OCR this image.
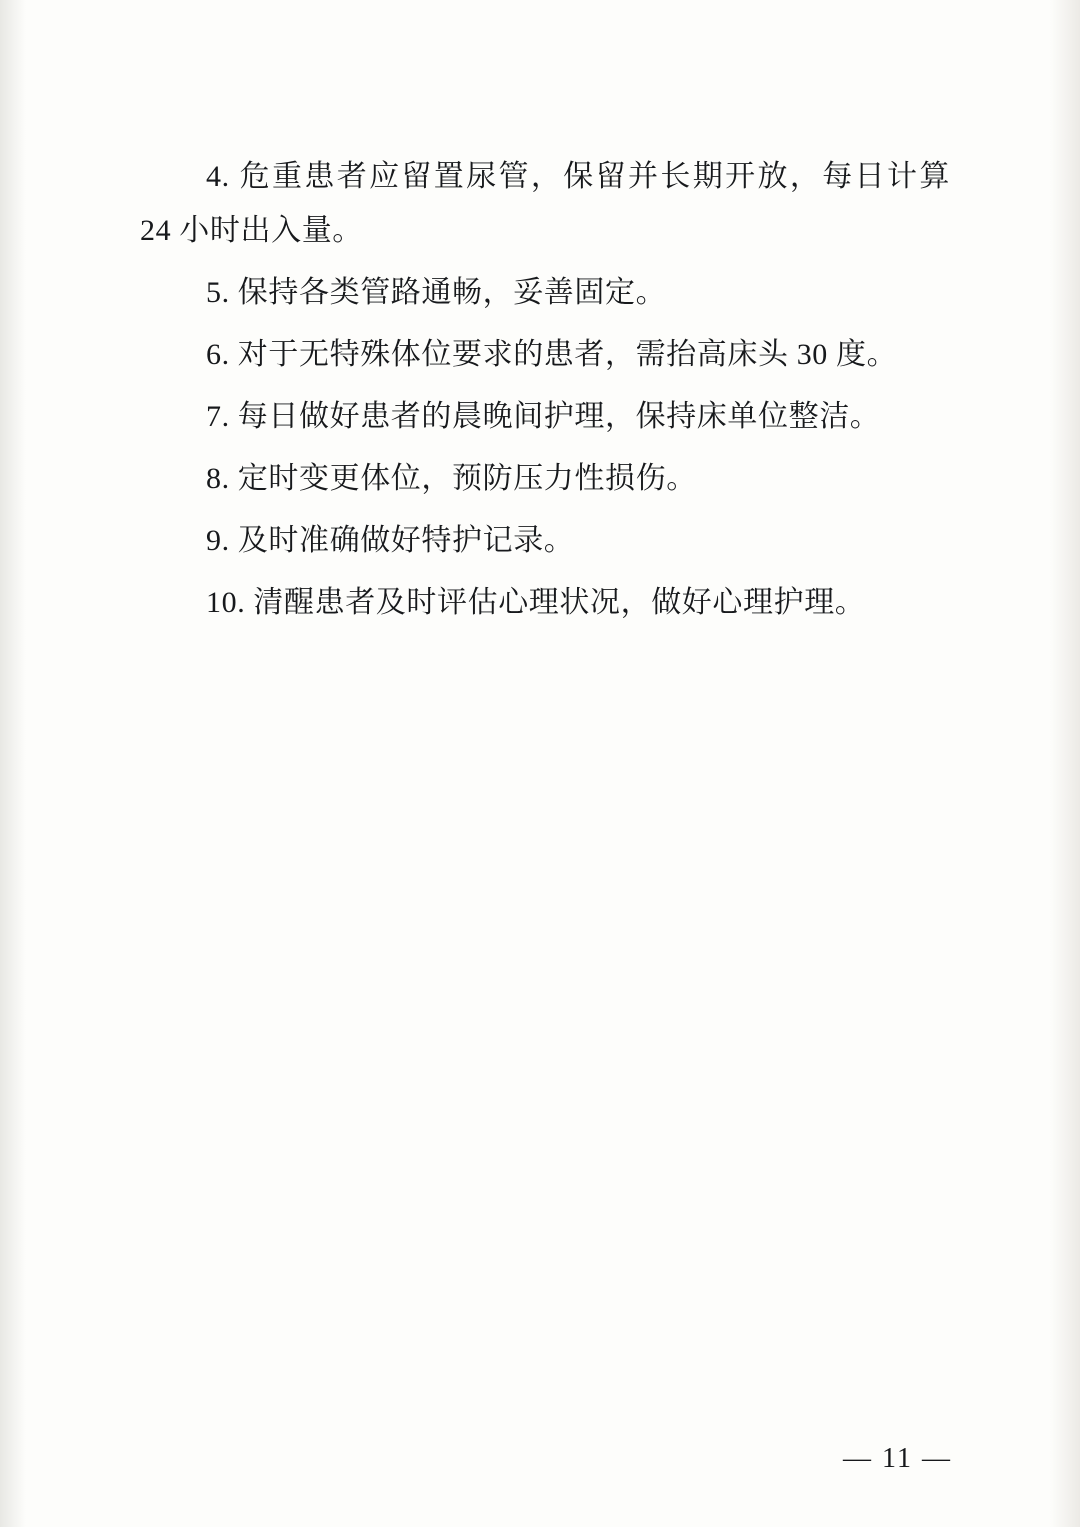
4. 危重患者应留置尿管，保留并长期开放，每日计算 24 小时出入量。

5. 保持各类管路通畅，妥善固定。

6. 对于无特殊体位要求的患者，需抬高床头 30 度。

7. 每日做好患者的晨晚间护理，保持床单位整洁。

8. 定时变更体位，预防压力性损伤。

9. 及时准确做好特护记录。

10. 清醒患者及时评估心理状况，做好心理护理。

— 11 —
